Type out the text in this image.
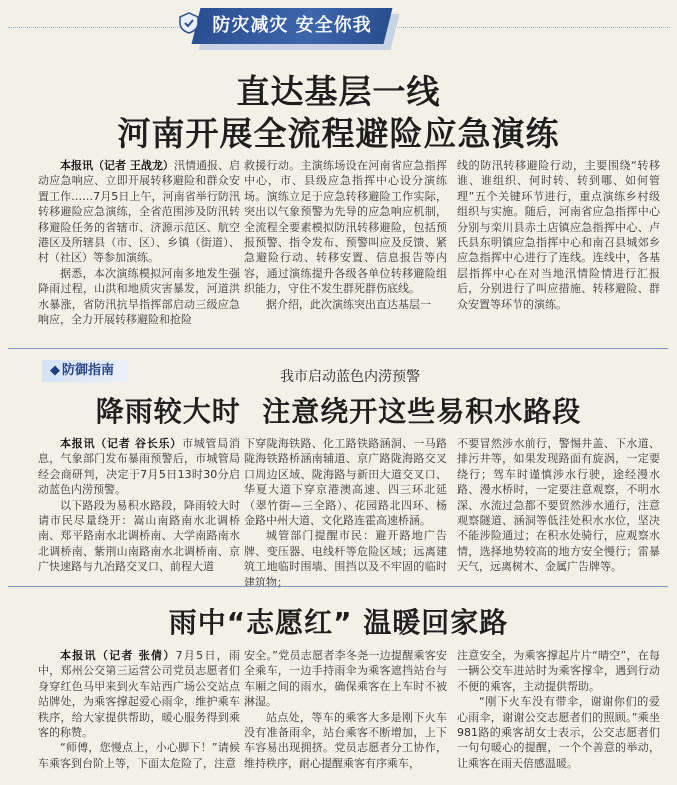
防灾减灾 安全你我
直达基层一线
河南开展全流程避险应急演练

本报讯（记者 王战龙）汛情通报、启动应急响应、立即开展转移避险和群众安置工作……7月5日上午，河南省举行防汛转移避险应急演练，全省范围涉及防汛转移避险任务的省辖市、济源示范区、航空港区及所辖县（市、区）、乡镇（街道）、村（社区）等参加演练。

据悉，本次演练模拟河南多地发生强降雨过程，山洪和地质灾害暴发，河道洪水暴涨，省防汛抗旱指挥部启动三级应急响应，全力开展转移避险和抢险

救援行动。主演练场设在河南省应急指挥中心，市、县级应急指挥中心设分演练场。演练立足于应急转移避险工作实际，突出以气象预警为先导的应急响应机制，全流程全要素模拟防汛转移避险，包括预报预警、指令发布、预警叫应及反馈、紧急避险行动、转移安置、信息报告等内容，通过演练提升各级各单位转移避险组织能力，守住不发生群死群伤底线。

据介绍，此次演练突出直达基层一

线的防汛转移避险行动，主要围绕“转移谁、谁组织、何时转、转到哪、如何管理”五个关键环节进行，重点演练乡村级组织与实施。随后，河南省应急指挥中心分别与栾川县赤土店镇应急指挥中心、卢氏县东明镇应急指挥中心和南召县城郊乡应急指挥中心进行了连线。连线中，各基层指挥中心在对当地汛情险情进行汇报后，分别进行了叫应措施、转移避险、群众安置等环节的演练。

◆ 防御指南	我市启动蓝色内涝预警
降雨较大时  注意绕开这些易积水路段

本报讯（记者 谷长乐）市城管局消息，气象部门发布暴雨预警后，市城管局经会商研判，决定于7月5日13时30分启动蓝色内涝预警。

以下路段为易积水路段，降雨较大时请市民尽量绕开：嵩山南路南水北调桥南、郑平路南水北调桥南、大学南路南水北调桥南、紫荆山南路南水北调桥南、京广快速路与九冶路交叉口、前程大道

下穿陇海铁路、化工路铁路涵洞、一马路陇海铁路桥涵南辅道、京广路陇海路交叉口周边区域、陇海路与新田大道交叉口、华夏大道下穿京港澳高速、四三环北延（翠竹街—三全路）、花园路北四环、杨金路中州大道、文化路连霍高速桥涵。

城管部门提醒市民：避开路地广告牌、变压器、电线杆等危险区域；远离建筑工地临时围墙、围挡以及不牢固的临时建筑物；

不要冒然涉水前行，警惕井盖、下水道、排污井等，如果发现路面有旋涡，一定要绕行；驾车时谨慎涉水行驶，途经漫水路、漫水桥时，一定要注意观察，不明水深、水流过急都不要贸然涉水通行，注意观察隧道、涵洞等低洼处积水水位，坚决不能涉险通过；在积水处骑行，应观察水情，选择地势较高的地方安全慢行；雷暴天气，远离树木、金属广告牌等。

雨中“志愿红” 温暖回家路

本报讯（记者 张倩）7月5日，雨中，郑州公交第三运营公司党员志愿者们身穿红色马甲来到火车站西广场公交站点站牌处，为乘客撑起爱心雨伞，维护乘车秩序，给大家提供帮助，暖心服务得到乘客的称赞。

“师傅，您慢点上，小心脚下！”请候车乘客到台阶上等，下面太危险了，注意

安全。”党员志愿者李冬尧一边提醒乘客安全乘车，一边手持雨伞为乘客遮挡站台与车厢之间的雨水，确保乘客在上车时不被淋湿。

站点处，等车的乘客大多是刚下火车没有准备雨伞，站台乘客不断增加，上下车容易出现拥挤。党员志愿者分工协作，维持秩序，耐心提醒乘客有序乘车，

注意安全，为乘客撑起片片“晴空”，在每一辆公交车进站时为乘客撑伞，遇到行动不便的乘客，主动提供帮助。

“刚下火车没有带伞，谢谢你们的爱心雨伞，谢谢公交志愿者们的照顾。”乘坐981路的乘客胡女士表示，公交志愿者们一句句暖心的提醒，一个个善意的举动，让乘客在雨天倍感温暖。
